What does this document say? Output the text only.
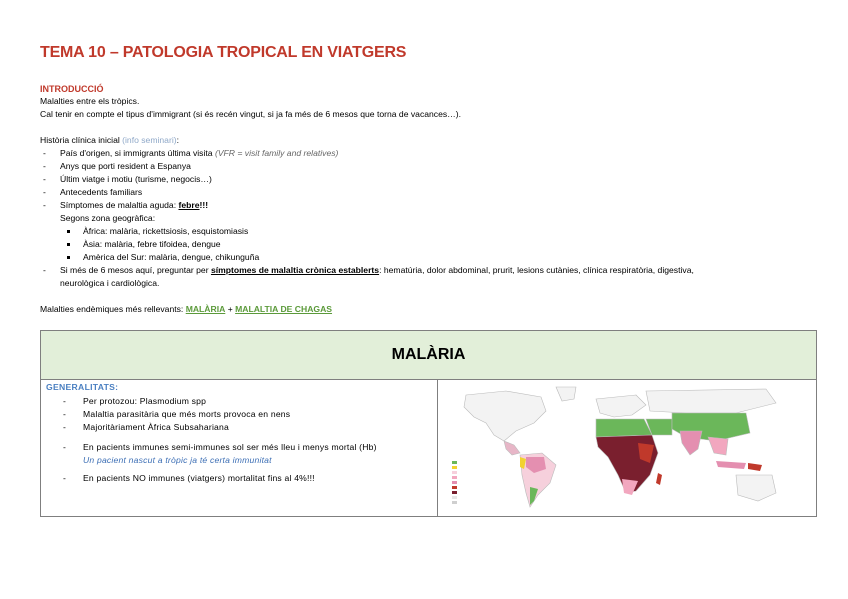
TEMA 10 – PATOLOGIA TROPICAL EN VIATGERS
INTRODUCCIÓ
Malalties entre els tròpics.
Cal tenir en compte el tipus d'immigrant (si és recén vingut, si ja fa més de 6 mesos que torna de vacances…).
Història clínica inicial (info seminari):
- País d'origen, si immigrants última visita (VFR = visit family and relatives)
- Anys que porti resident a Espanya
- Últim viatge i motiu (turisme, negocis…)
- Antecedents familiars
- Símptomes de malaltia aguda: febre!!!
Segons zona geogràfica:
Àfrica: malària, rickettsiosis, esquistomiasis
Àsia: malària, febre tifoidea, dengue
Amèrica del Sur: malària, dengue, chikunguña
- Si més de 6 mesos aquí, preguntar per símptomes de malaltia crònica establerts: hematúria, dolor abdominal, prurit, lesions cutànies, clínica respiratòria, digestiva,
neurològica i cardiològica.
Malalties endèmiques més rellevants: MALÀRIA + MALALTIA DE CHAGAS
MALÀRIA
GENERALITATS:
- Per protozou: Plasmodium spp
- Malaltia parasitària que més morts provoca en nens
- Majoritàriament Àfrica Subsahariana
- En pacients immunes semi-immunes sol ser més lleu i menys mortal (Hb)
Un pacient nascut a tròpic ja té certa immunitat
- En pacients NO immunes (viatgers) mortalitat fins al 4%!!!
